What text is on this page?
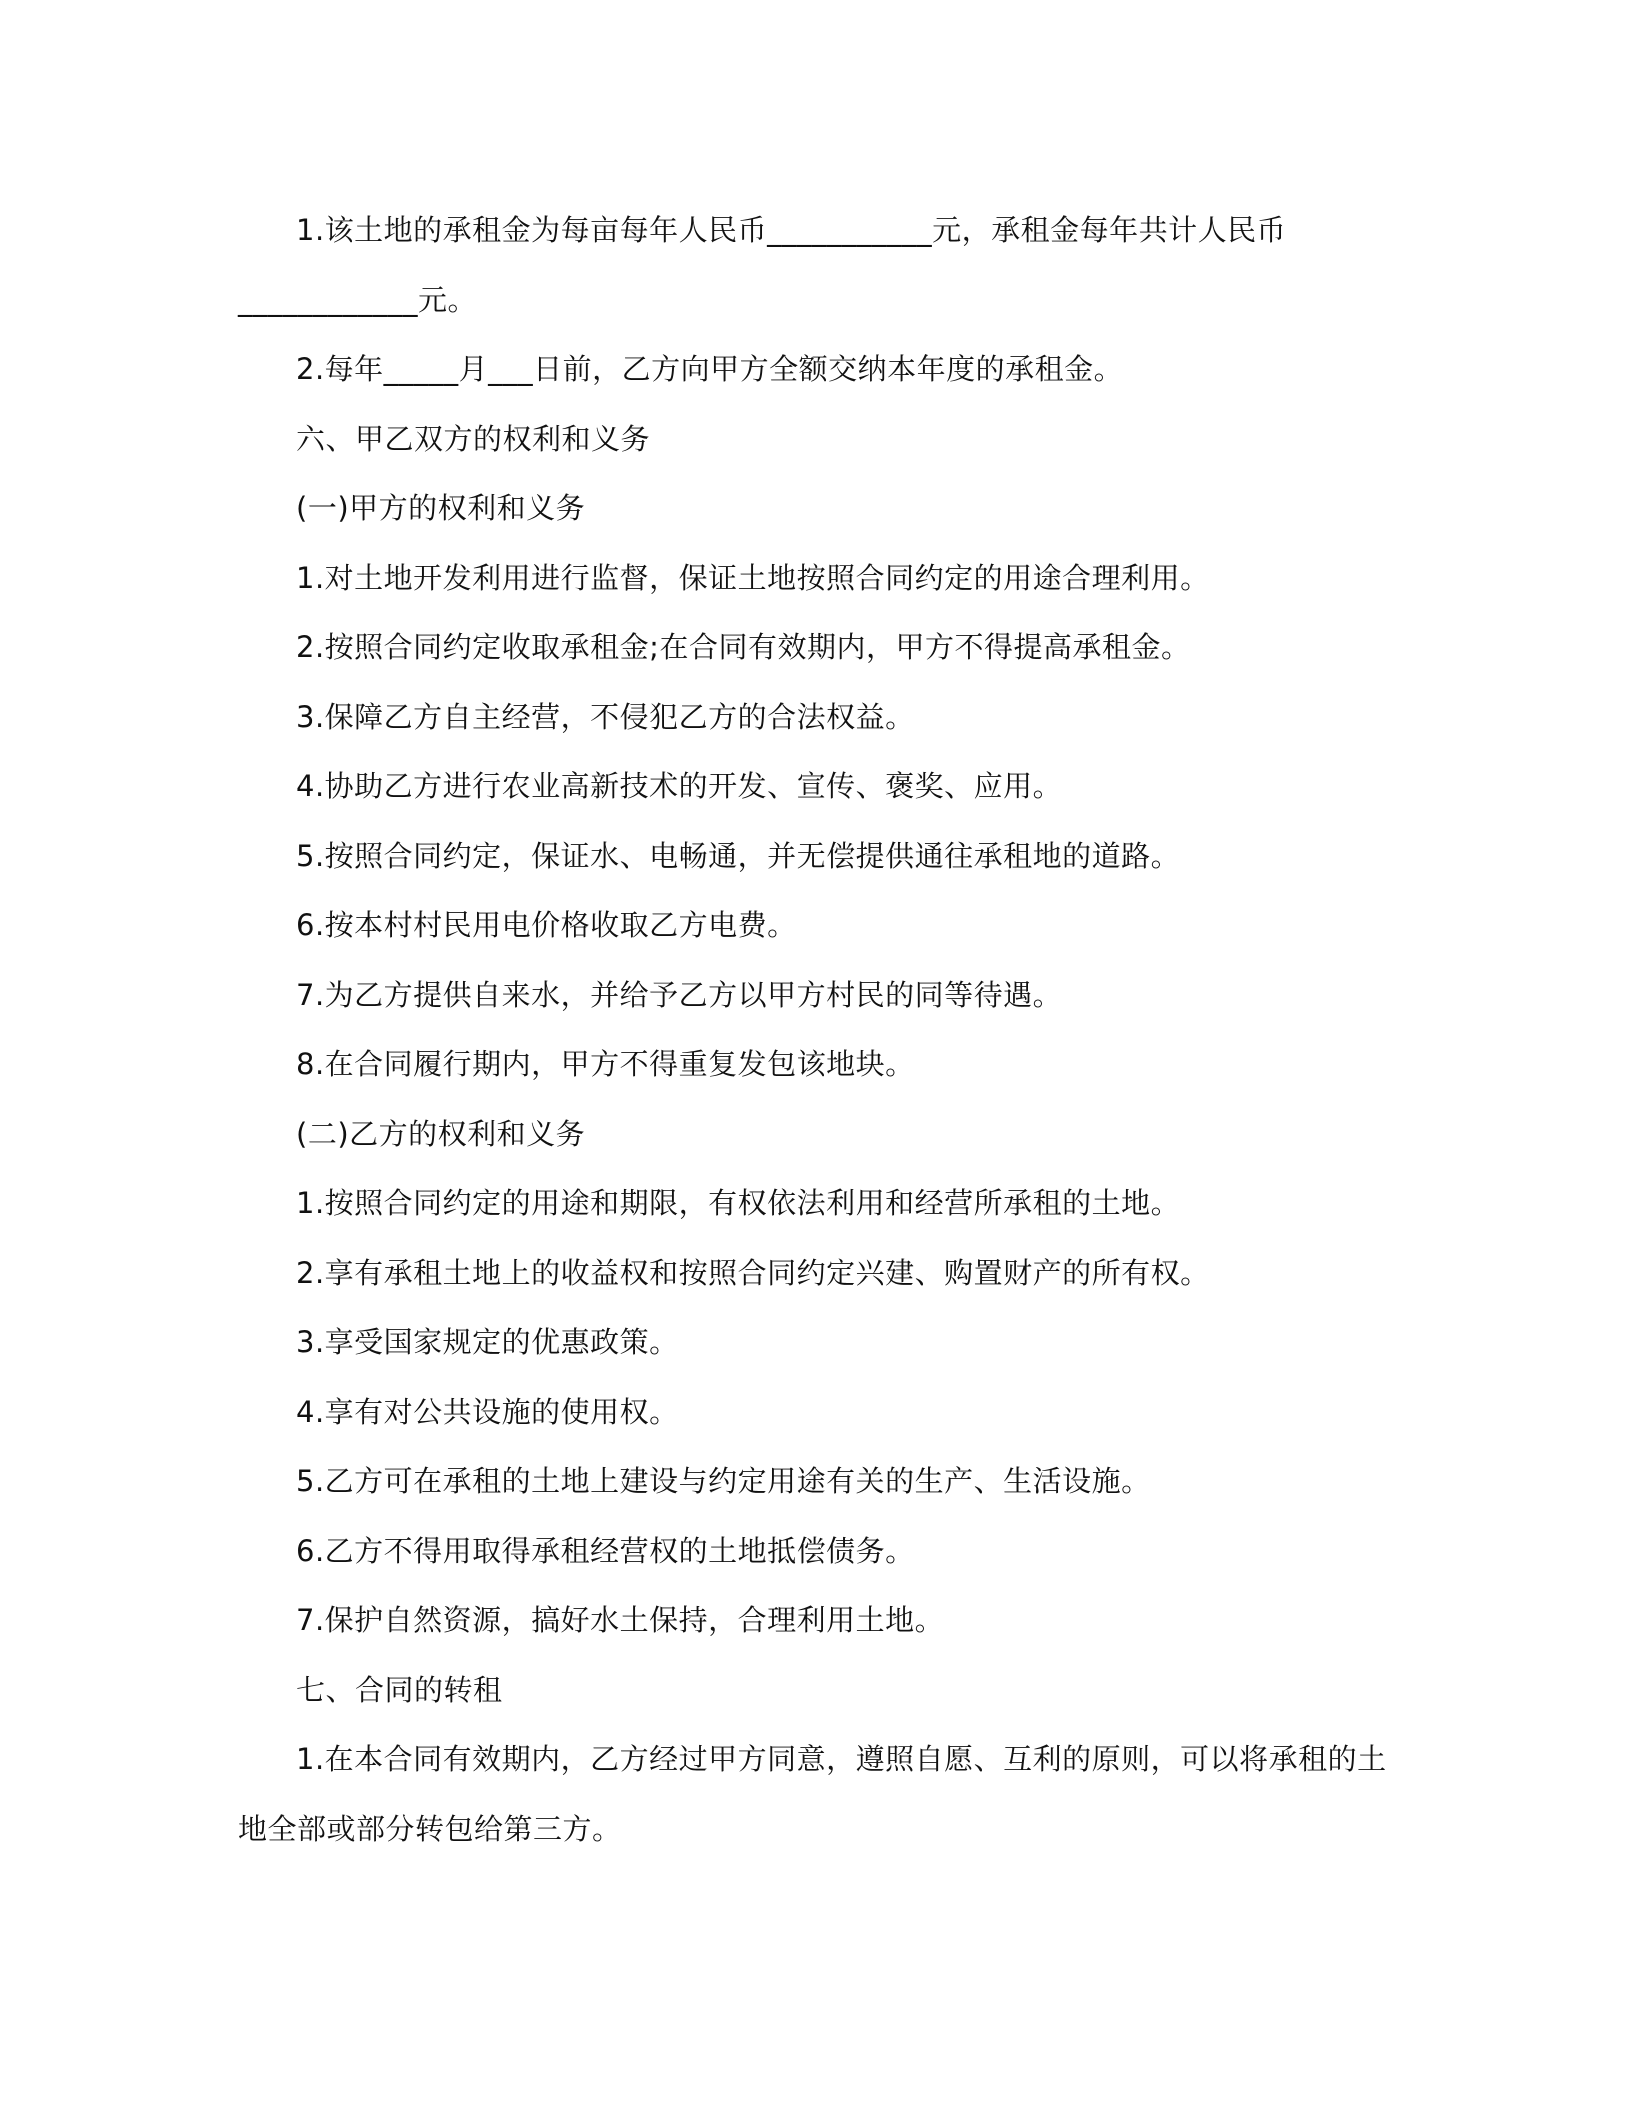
1.该土地的承租金为每亩每年人民币___________元，承租金每年共计人民币____________元。

2.每年_____月___日前，乙方向甲方全额交纳本年度的承租金。

六、甲乙双方的权利和义务

(一)甲方的权利和义务

1.对土地开发利用进行监督，保证土地按照合同约定的用途合理利用。

2.按照合同约定收取承租金;在合同有效期内，甲方不得提高承租金。

3.保障乙方自主经营，不侵犯乙方的合法权益。

4.协助乙方进行农业高新技术的开发、宣传、褒奖、应用。

5.按照合同约定，保证水、电畅通，并无偿提供通往承租地的道路。

6.按本村村民用电价格收取乙方电费。

7.为乙方提供自来水，并给予乙方以甲方村民的同等待遇。

8.在合同履行期内，甲方不得重复发包该地块。

(二)乙方的权利和义务

1.按照合同约定的用途和期限，有权依法利用和经营所承租的土地。

2.享有承租土地上的收益权和按照合同约定兴建、购置财产的所有权。

3.享受国家规定的优惠政策。

4.享有对公共设施的使用权。

5.乙方可在承租的土地上建设与约定用途有关的生产、生活设施。

6.乙方不得用取得承租经营权的土地抵偿债务。

7.保护自然资源，搞好水土保持，合理利用土地。

七、合同的转租

1.在本合同有效期内，乙方经过甲方同意，遵照自愿、互利的原则，可以将承租的土地全部或部分转包给第三方。
